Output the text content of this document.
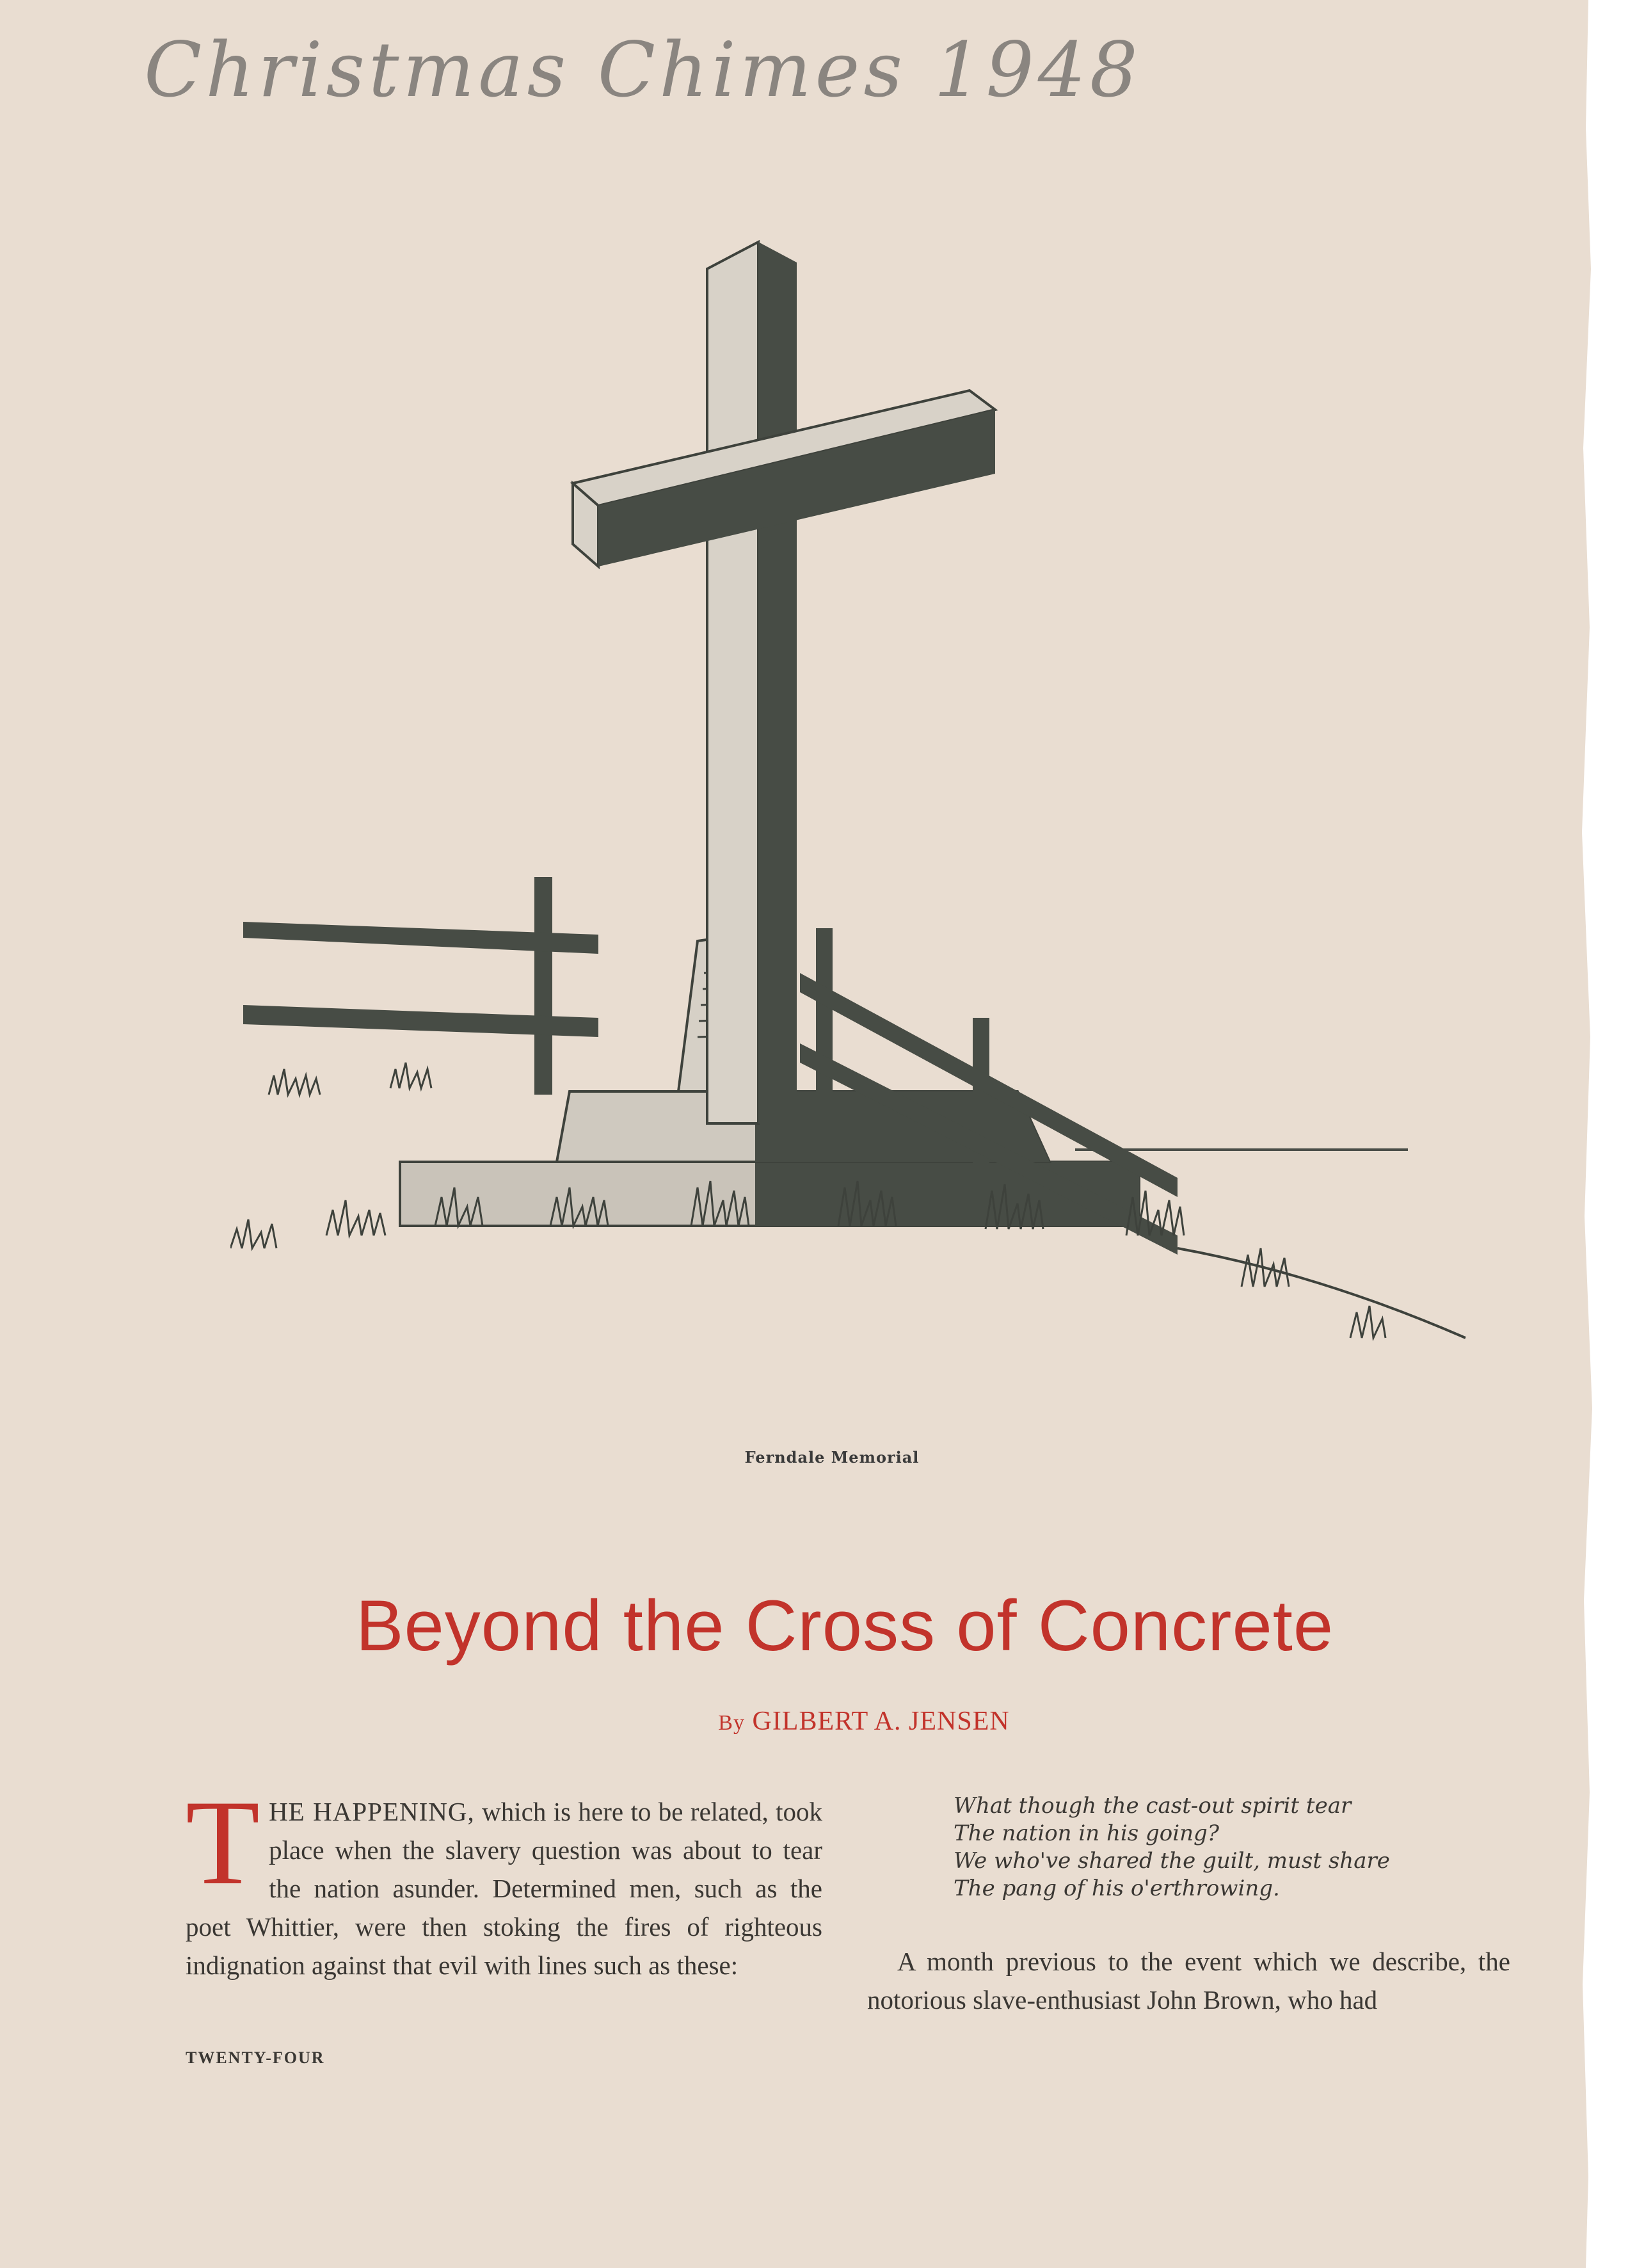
Christmas Chimes 1948
Ferndale Memorial
Beyond the Cross of Concrete
By GILBERT A. JENSEN
THE HAPPENING, which is here to be related, took place when the slavery question was about to tear the nation asunder. Determined men, such as the poet Whittier, were then stoking the fires of righteous indignation against that evil with lines such as these:
What though the cast-out spirit tear
The nation in his going?
We who've shared the guilt, must share
The pang of his o'erthrowing.
A month previous to the event which we describe, the notorious slave-enthusiast John Brown, who had
TWENTY-FOUR
